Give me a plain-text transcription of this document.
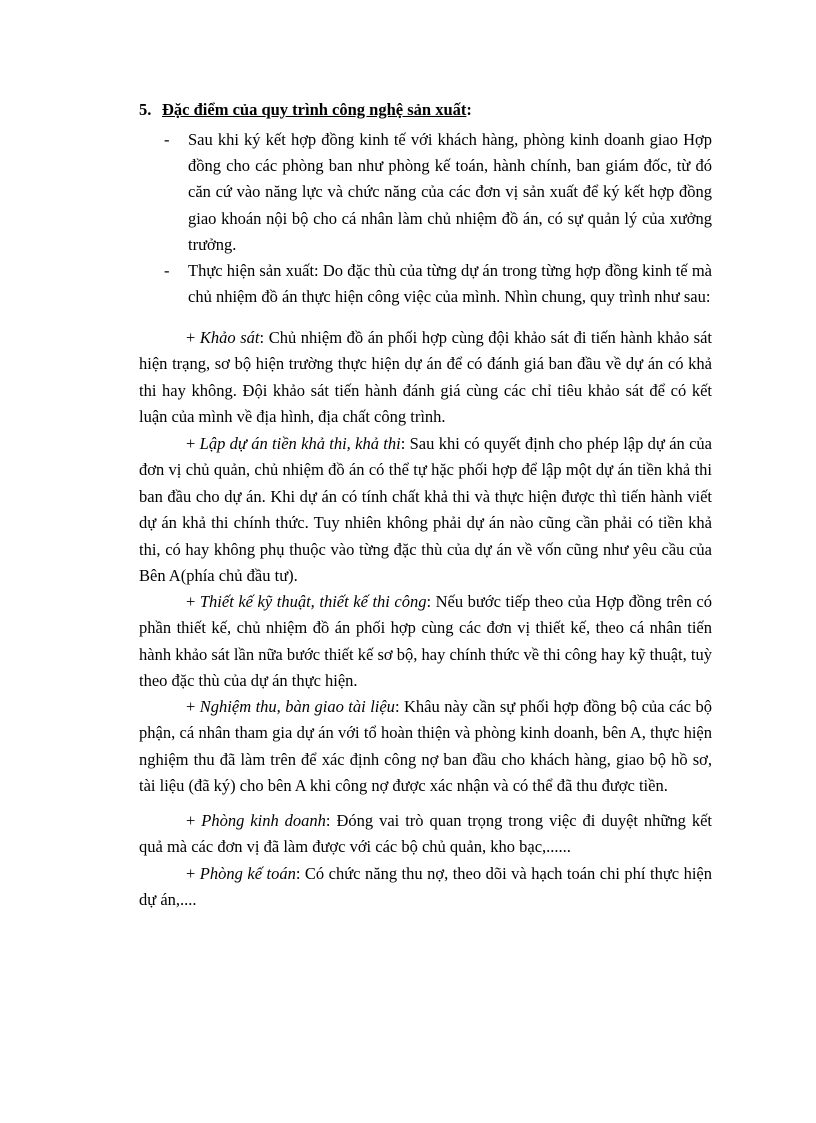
5. Đặc điểm của quy trình công nghệ sản xuất:
- Sau khi ký kết hợp đồng kinh tế với khách hàng, phòng kinh doanh giao Hợp đồng cho các phòng ban như phòng kế toán, hành chính, ban giám đốc, từ đó căn cứ vào năng lực và chức năng của các đơn vị sản xuất để ký kết hợp đồng giao khoán nội bộ cho cá nhân làm chủ nhiệm đồ án, có sự quản lý của xưởng trưởng.
- Thực hiện sản xuất: Do đặc thù của từng dự án trong từng hợp đồng kinh tế mà chủ nhiệm đồ án thực hiện công việc của mình. Nhìn chung, quy trình như sau:
+ Khảo sát: Chủ nhiệm đồ án phối hợp cùng đội khảo sát đi tiến hành khảo sát hiện trạng, sơ bộ hiện trường thực hiện dự án để có đánh giá ban đầu về dự án có khả thi hay không. Đội khảo sát tiến hành đánh giá cùng các chỉ tiêu khảo sát để có kết luận của mình về địa hình, địa chất công trình.
+ Lập dự án tiền khả thi, khả thi: Sau khi có quyết định cho phép lập dự án của đơn vị chủ quản, chủ nhiệm đồ án có thể tự hặc phối hợp để lập một dự án tiền khả thi ban đầu cho dự án. Khi dự án có tính chất khả thi và thực hiện được thì tiến hành viết dự án khả thi chính thức. Tuy nhiên không phải dự án nào cũng cần phải có tiền khả thi, có hay không phụ thuộc vào từng đặc thù của dự án về vốn cũng như yêu cầu của Bên A(phía chủ đầu tư).
+ Thiết kế kỹ thuật, thiết kế thi công: Nếu bước tiếp theo của Hợp đồng trên có phần thiết kế, chủ nhiệm đồ án phối hợp cùng các đơn vị thiết kế, theo cá nhân tiến hành khảo sát lần nữa bước thiết kế sơ bộ, hay chính thức về thi công hay kỹ thuật, tuỳ theo đặc thù của dự án thực hiện.
+ Nghiệm thu, bàn giao tài liệu: Khâu này cần sự phối hợp đồng bộ của các bộ phận, cá nhân tham gia dự án với tổ hoàn thiện và phòng kinh doanh, bên A, thực hiện nghiệm thu đã làm trên để xác định công nợ ban đầu cho khách hàng, giao bộ hồ sơ, tài liệu (đã ký) cho bên A khi công nợ được xác nhận và có thể đã thu được tiền.
+ Phòng kinh doanh: Đóng vai trò quan trọng trong việc đi duyệt những kết quả mà các đơn vị đã làm được với các bộ chủ quản, kho bạc,......
+ Phòng kế toán: Có chức năng thu nợ, theo dõi và hạch toán chi phí thực hiện dự án,....
